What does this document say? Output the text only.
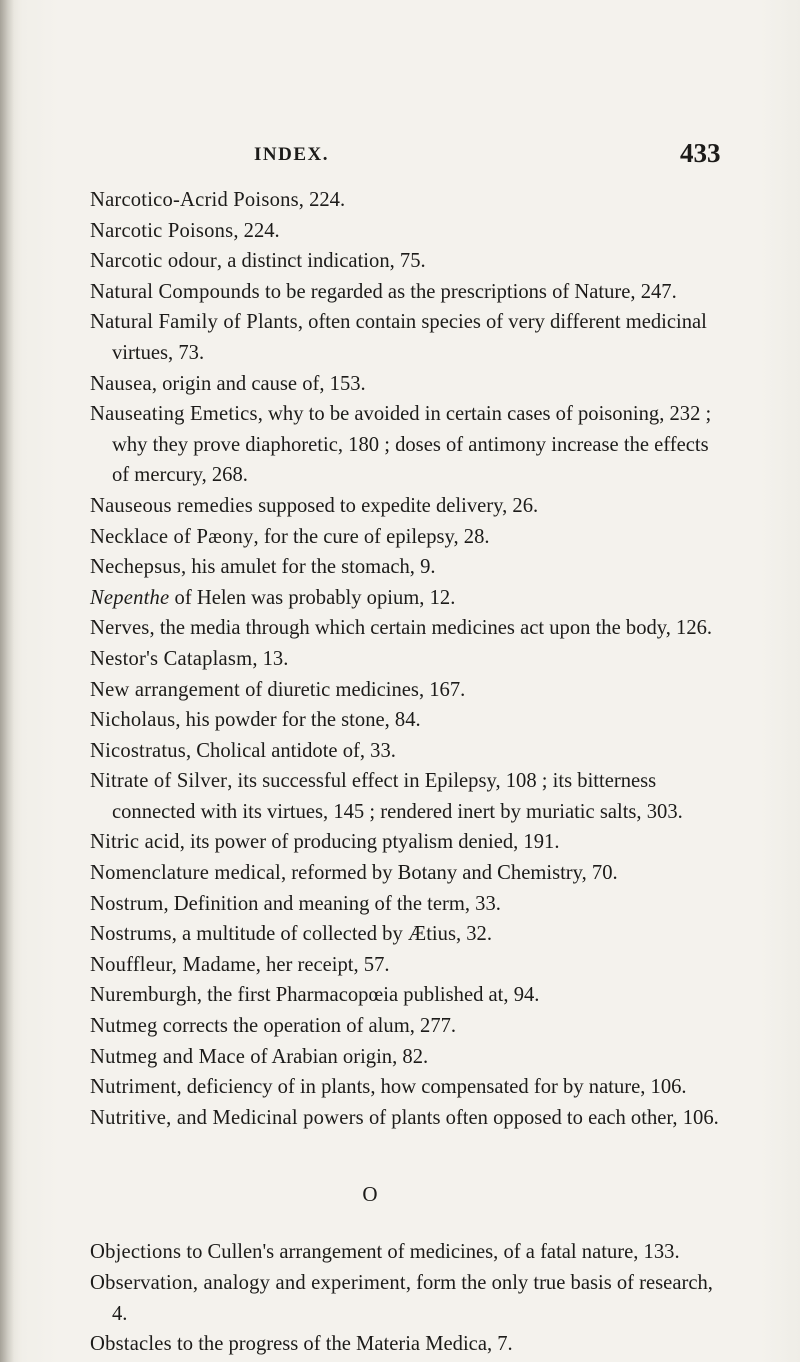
INDEX.	433

Narcotico-Acrid Poisons, 224.

Narcotic Poisons, 224.

Narcotic odour, a distinct indication, 75.

Natural Compounds to be regarded as the prescriptions of Nature, 247.

Natural Family of Plants, often contain species of very different medicinal virtues, 73.

Nausea, origin and cause of, 153.

Nauseating Emetics, why to be avoided in certain cases of poisoning, 232 ; why they prove diaphoretic, 180 ; doses of antimony increase the effects of mercury, 268.

Nauseous remedies supposed to expedite delivery, 26.

Necklace of Pæony, for the cure of epilepsy, 28.

Nechepsus, his amulet for the stomach, 9.

Nepenthe of Helen was probably opium, 12.

Nerves, the media through which certain medicines act upon the body, 126.

Nestor's Cataplasm, 13.

New arrangement of diuretic medicines, 167.

Nicholaus, his powder for the stone, 84.

Nicostratus, Cholical antidote of, 33.

Nitrate of Silver, its successful effect in Epilepsy, 108 ; its bitterness connected with its virtues, 145 ; rendered inert by muriatic salts, 303.

Nitric acid, its power of producing ptyalism denied, 191.

Nomenclature medical, reformed by Botany and Chemistry, 70.

Nostrum, Definition and meaning of the term, 33.

Nostrums, a multitude of collected by Ætius, 32.

Nouffleur, Madame, her receipt, 57.

Nuremburgh, the first Pharmacopœia published at, 94.

Nutmeg corrects the operation of alum, 277.

Nutmeg and Mace of Arabian origin, 82.

Nutriment, deficiency of in plants, how compensated for by nature, 106.

Nutritive, and Medicinal powers of plants often opposed to each other, 106.

O

Objections to Cullen's arrangement of medicines, of a fatal nature, 133.

Observation, analogy and experiment, form the only true basis of research, 4.

Obstacles to the progress of the Materia Medica, 7.
